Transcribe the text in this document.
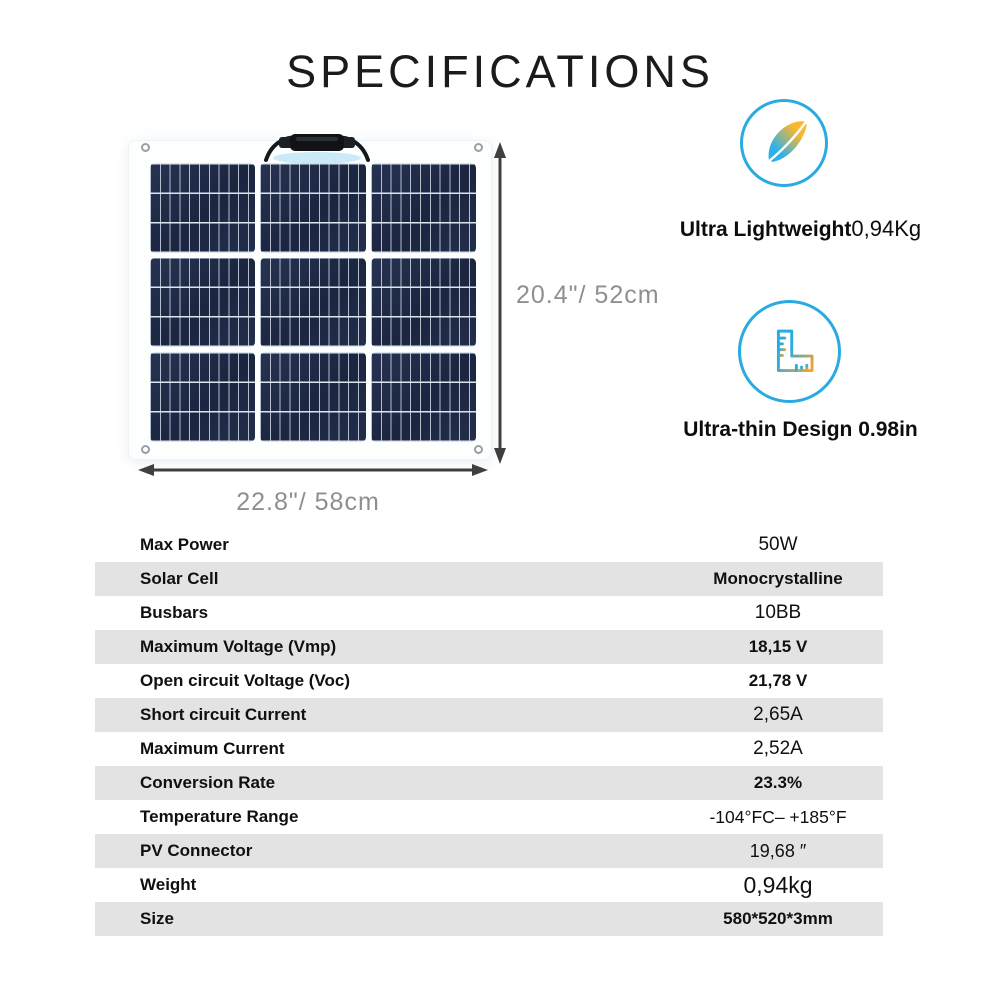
SPECIFICATIONS
20.4"/ 52cm
22.8"/ 58cm
Ultra Lightweight0,94Kg
Ultra-thin Design 0.98in
Max Power	50W
Solar Cell	Monocrystalline
Busbars	10BB
Maximum Voltage (Vmp)	18,15 V
Open circuit Voltage (Voc)	21,78 V
Short circuit Current	2,65A
Maximum Current	2,52A
Conversion Rate	23.3%
Temperature Range	-104°FC– +185°F
PV Connector	19,68 ″
Weight	0,94kg
Size	580*520*3mm
